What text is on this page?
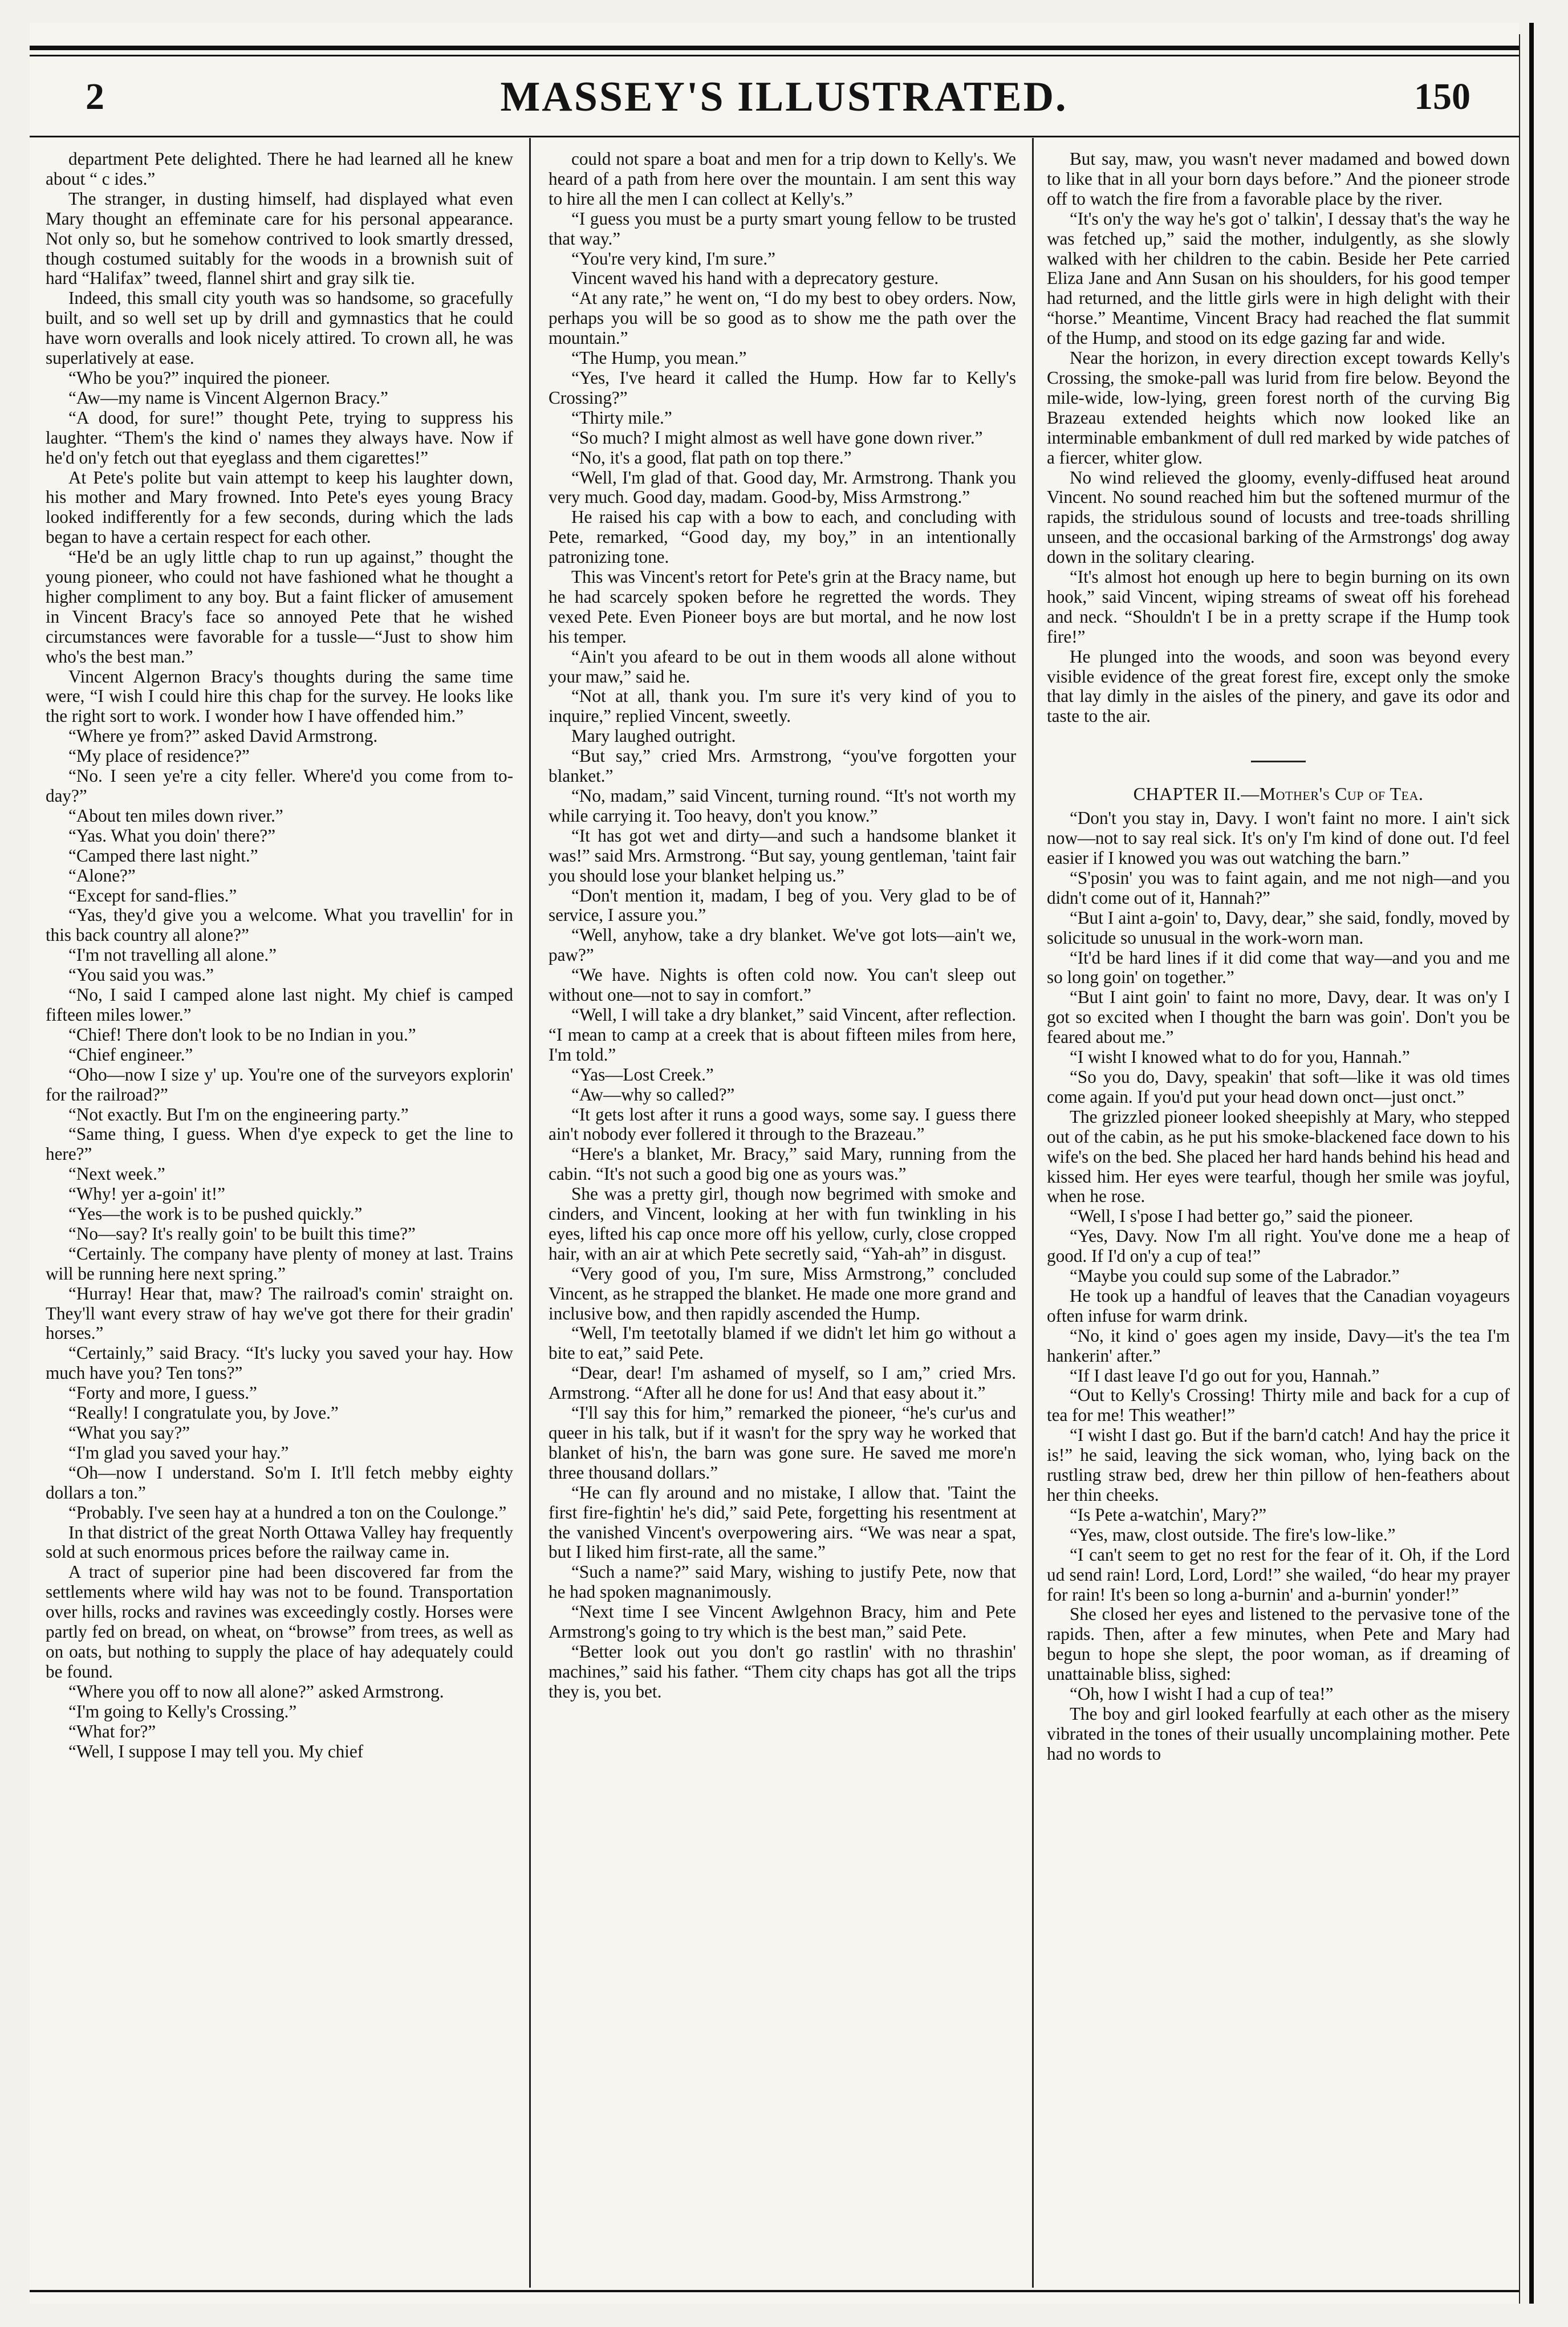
2	MASSEY'S ILLUSTRATED.	150

department Pete delighted. There he had learned all he knew about “ c ides.”

The stranger, in dusting himself, had displayed what even Mary thought an effeminate care for his personal appearance. Not only so, but he somehow contrived to look smartly dressed, though costumed suitably for the woods in a brownish suit of hard “Halifax” tweed, flannel shirt and gray silk tie.

Indeed, this small city youth was so handsome, so gracefully built, and so well set up by drill and gymnastics that he could have worn overalls and look nicely attired. To crown all, he was superlatively at ease.

“Who be you?” inquired the pioneer.

“Aw—my name is Vincent Algernon Bracy.”

“A dood, for sure!” thought Pete, trying to suppress his laughter. “Them's the kind o' names they always have. Now if he'd on'y fetch out that eyeglass and them cigarettes!”

At Pete's polite but vain attempt to keep his laughter down, his mother and Mary frowned. Into Pete's eyes young Bracy looked indifferently for a few seconds, during which the lads began to have a certain respect for each other.

“He'd be an ugly little chap to run up against,” thought the young pioneer, who could not have fashioned what he thought a higher compliment to any boy. But a faint flicker of amusement in Vincent Bracy's face so annoyed Pete that he wished circumstances were favorable for a tussle—“Just to show him who's the best man.”

Vincent Algernon Bracy's thoughts during the same time were, “I wish I could hire this chap for the survey. He looks like the right sort to work. I wonder how I have offended him.”

“Where ye from?” asked David Armstrong.

“My place of residence?”

“No. I seen ye're a city feller. Where'd you come from to-day?”

“About ten miles down river.”

“Yas. What you doin' there?”

“Camped there last night.”

“Alone?”

“Except for sand-flies.”

“Yas, they'd give you a welcome. What you travellin' for in this back country all alone?”

“I'm not travelling all alone.”

“You said you was.”

“No, I said I camped alone last night. My chief is camped fifteen miles lower.”

“Chief! There don't look to be no Indian in you.”

“Chief engineer.”

“Oho—now I size y' up. You're one of the surveyors explorin' for the railroad?”

“Not exactly. But I'm on the engineering party.”

“Same thing, I guess. When d'ye expeck to get the line to here?”

“Next week.”

“Why! yer a-goin' it!”

“Yes—the work is to be pushed quickly.”

“No—say? It's really goin' to be built this time?”

“Certainly. The company have plenty of money at last. Trains will be running here next spring.”

“Hurray! Hear that, maw? The railroad's comin' straight on. They'll want every straw of hay we've got there for their gradin' horses.”

“Certainly,” said Bracy. “It's lucky you saved your hay. How much have you? Ten tons?”

“Forty and more, I guess.”

“Really! I congratulate you, by Jove.”

“What you say?”

“I'm glad you saved your hay.”

“Oh—now I understand. So'm I. It'll fetch mebby eighty dollars a ton.”

“Probably. I've seen hay at a hundred a ton on the Coulonge.”

In that district of the great North Ottawa Valley hay frequently sold at such enormous prices before the railway came in.

A tract of superior pine had been discovered far from the settlements where wild hay was not to be found. Transportation over hills, rocks and ravines was exceedingly costly. Horses were partly fed on bread, on wheat, on “browse” from trees, as well as on oats, but nothing to supply the place of hay adequately could be found.

“Where you off to now all alone?” asked Armstrong.

“I'm going to Kelly's Crossing.”

“What for?”

“Well, I suppose I may tell you. My chief

could not spare a boat and men for a trip down to Kelly's. We heard of a path from here over the mountain. I am sent this way to hire all the men I can collect at Kelly's.”

“I guess you must be a purty smart young fellow to be trusted that way.”

“You're very kind, I'm sure.”

Vincent waved his hand with a deprecatory gesture.

“At any rate,” he went on, “I do my best to obey orders. Now, perhaps you will be so good as to show me the path over the mountain.”

“The Hump, you mean.”

“Yes, I've heard it called the Hump. How far to Kelly's Crossing?”

“Thirty mile.”

“So much? I might almost as well have gone down river.”

“No, it's a good, flat path on top there.”

“Well, I'm glad of that. Good day, Mr. Armstrong. Thank you very much. Good day, madam. Good-by, Miss Armstrong.”

He raised his cap with a bow to each, and concluding with Pete, remarked, “Good day, my boy,” in an intentionally patronizing tone.

This was Vincent's retort for Pete's grin at the Bracy name, but he had scarcely spoken before he regretted the words. They vexed Pete. Even Pioneer boys are but mortal, and he now lost his temper.

“Ain't you afeard to be out in them woods all alone without your maw,” said he.

“Not at all, thank you. I'm sure it's very kind of you to inquire,” replied Vincent, sweetly.

Mary laughed outright.

“But say,” cried Mrs. Armstrong, “you've forgotten your blanket.”

“No, madam,” said Vincent, turning round. “It's not worth my while carrying it. Too heavy, don't you know.”

“It has got wet and dirty—and such a handsome blanket it was!” said Mrs. Armstrong. “But say, young gentleman, 'taint fair you should lose your blanket helping us.”

“Don't mention it, madam, I beg of you. Very glad to be of service, I assure you.”

“Well, anyhow, take a dry blanket. We've got lots—ain't we, paw?”

“We have. Nights is often cold now. You can't sleep out without one—not to say in comfort.”

“Well, I will take a dry blanket,” said Vincent, after reflection. “I mean to camp at a creek that is about fifteen miles from here, I'm told.”

“Yas—Lost Creek.”

“Aw—why so called?”

“It gets lost after it runs a good ways, some say. I guess there ain't nobody ever follered it through to the Brazeau.”

“Here's a blanket, Mr. Bracy,” said Mary, running from the cabin. “It's not such a good big one as yours was.”

She was a pretty girl, though now begrimed with smoke and cinders, and Vincent, looking at her with fun twinkling in his eyes, lifted his cap once more off his yellow, curly, close cropped hair, with an air at which Pete secretly said, “Yah-ah” in disgust.

“Very good of you, I'm sure, Miss Armstrong,” concluded Vincent, as he strapped the blanket. He made one more grand and inclusive bow, and then rapidly ascended the Hump.

“Well, I'm teetotally blamed if we didn't let him go without a bite to eat,” said Pete.

“Dear, dear! I'm ashamed of myself, so I am,” cried Mrs. Armstrong. “After all he done for us! And that easy about it.”

“I'll say this for him,” remarked the pioneer, “he's cur'us and queer in his talk, but if it wasn't for the spry way he worked that blanket of his'n, the barn was gone sure. He saved me more'n three thousand dollars.”

“He can fly around and no mistake, I allow that. 'Taint the first fire-fightin' he's did,” said Pete, forgetting his resentment at the vanished Vincent's overpowering airs. “We was near a spat, but I liked him first-rate, all the same.”

“Such a name?” said Mary, wishing to justify Pete, now that he had spoken magnanimously.

“Next time I see Vincent Awlgehnon Bracy, him and Pete Armstrong's going to try which is the best man,” said Pete.

“Better look out you don't go rastlin' with no thrashin' machines,” said his father. “Them city chaps has got all the trips they is, you bet.

But say, maw, you wasn't never madamed and bowed down to like that in all your born days before.” And the pioneer strode off to watch the fire from a favorable place by the river.

“It's on'y the way he's got o' talkin', I dessay that's the way he was fetched up,” said the mother, indulgently, as she slowly walked with her children to the cabin. Beside her Pete carried Eliza Jane and Ann Susan on his shoulders, for his good temper had returned, and the little girls were in high delight with their “horse.” Meantime, Vincent Bracy had reached the flat summit of the Hump, and stood on its edge gazing far and wide.

Near the horizon, in every direction except towards Kelly's Crossing, the smoke-pall was lurid from fire below. Beyond the mile-wide, low-lying, green forest north of the curving Big Brazeau extended heights which now looked like an interminable embankment of dull red marked by wide patches of a fiercer, whiter glow.

No wind relieved the gloomy, evenly-diffused heat around Vincent. No sound reached him but the softened murmur of the rapids, the stridulous sound of locusts and tree-toads shrilling unseen, and the occasional barking of the Armstrongs' dog away down in the solitary clearing.

“It's almost hot enough up here to begin burning on its own hook,” said Vincent, wiping streams of sweat off his forehead and neck. “Shouldn't I be in a pretty scrape if the Hump took fire!”

He plunged into the woods, and soon was beyond every visible evidence of the great forest fire, except only the smoke that lay dimly in the aisles of the pinery, and gave its odor and taste to the air.

CHAPTER II.—Mother's Cup of Tea.

“Don't you stay in, Davy. I won't faint no more. I ain't sick now—not to say real sick. It's on'y I'm kind of done out. I'd feel easier if I knowed you was out watching the barn.”

“S'posin' you was to faint again, and me not nigh—and you didn't come out of it, Hannah?”

“But I aint a-goin' to, Davy, dear,” she said, fondly, moved by solicitude so unusual in the work-worn man.

“It'd be hard lines if it did come that way—and you and me so long goin' on together.”

“But I aint goin' to faint no more, Davy, dear. It was on'y I got so excited when I thought the barn was goin'. Don't you be feared about me.”

“I wisht I knowed what to do for you, Hannah.”

“So you do, Davy, speakin' that soft—like it was old times come again. If you'd put your head down onct—just onct.”

The grizzled pioneer looked sheepishly at Mary, who stepped out of the cabin, as he put his smoke-blackened face down to his wife's on the bed. She placed her hard hands behind his head and kissed him. Her eyes were tearful, though her smile was joyful, when he rose.

“Well, I s'pose I had better go,” said the pioneer.

“Yes, Davy. Now I'm all right. You've done me a heap of good. If I'd on'y a cup of tea!”

“Maybe you could sup some of the Labrador.”

He took up a handful of leaves that the Canadian voyageurs often infuse for warm drink.

“No, it kind o' goes agen my inside, Davy—it's the tea I'm hankerin' after.”

“If I dast leave I'd go out for you, Hannah.”

“Out to Kelly's Crossing! Thirty mile and back for a cup of tea for me! This weather!”

“I wisht I dast go. But if the barn'd catch! And hay the price it is!” he said, leaving the sick woman, who, lying back on the rustling straw bed, drew her thin pillow of hen-feathers about her thin cheeks.

“Is Pete a-watchin', Mary?”

“Yes, maw, clost outside. The fire's low-like.”

“I can't seem to get no rest for the fear of it. Oh, if the Lord ud send rain! Lord, Lord, Lord!” she wailed, “do hear my prayer for rain! It's been so long a-burnin' and a-burnin' yonder!”

She closed her eyes and listened to the pervasive tone of the rapids. Then, after a few minutes, when Pete and Mary had begun to hope she slept, the poor woman, as if dreaming of unattainable bliss, sighed:

“Oh, how I wisht I had a cup of tea!”

The boy and girl looked fearfully at each other as the misery vibrated in the tones of their usually uncomplaining mother. Pete had no words to
